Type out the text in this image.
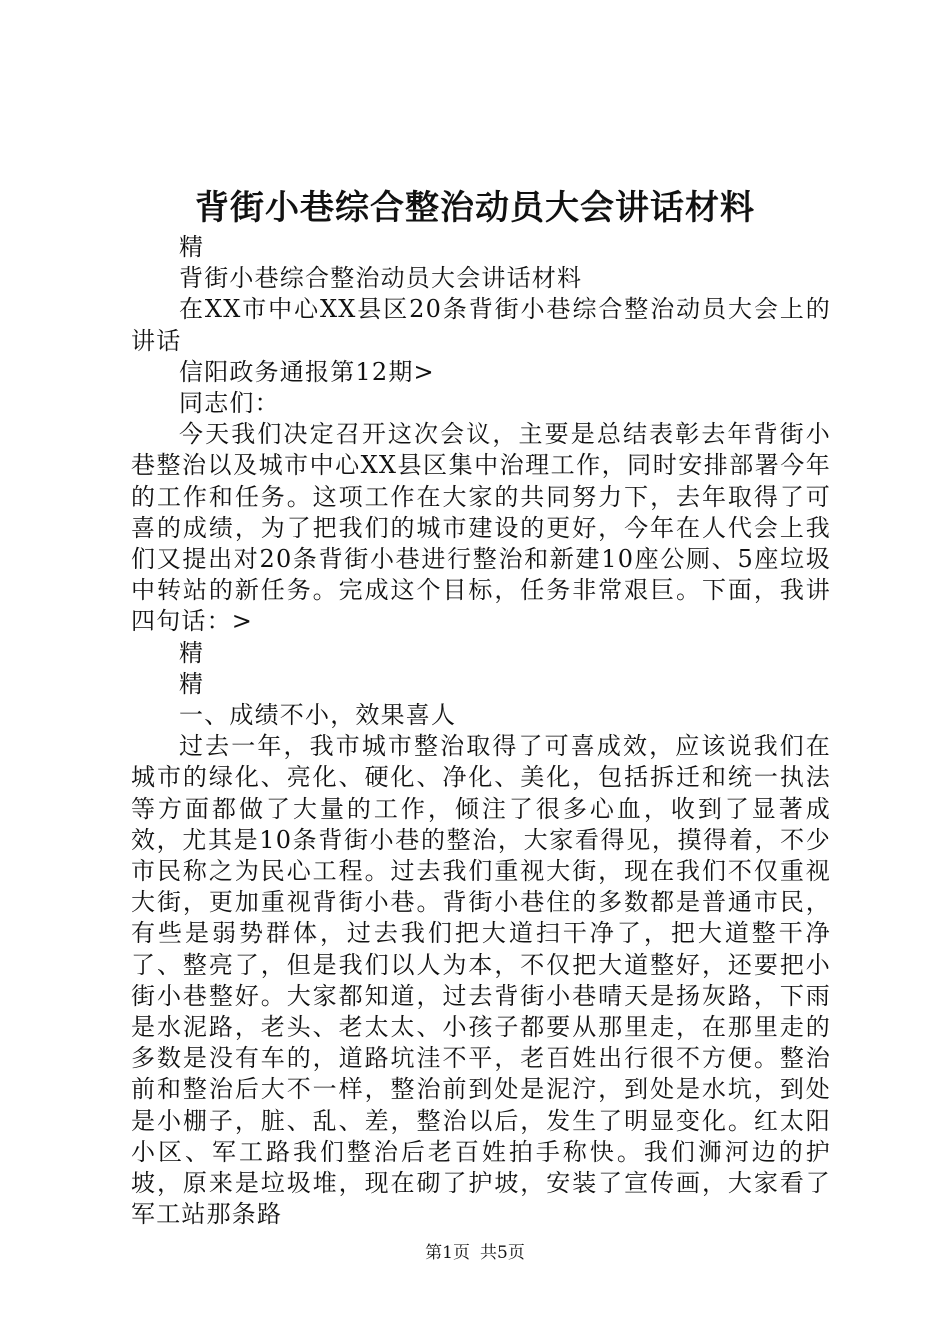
背街小巷综合整治动员大会讲话材料

精

背街小巷综合整治动员大会讲话材料

在XX市中心XX县区20条背街小巷综合整治动员大会上的讲话

信阳政务通报第12期>

同志们：

今天我们决定召开这次会议，主要是总结表彰去年背街小巷整治以及城市中心XX县区集中治理工作，同时安排部署今年的工作和任务。这项工作在大家的共同努力下，去年取得了可喜的成绩，为了把我们的城市建设的更好，今年在人代会上我们又提出对20条背街小巷进行整治和新建10座公厕、5座垃圾中转站的新任务。完成这个目标，任务非常艰巨。下面，我讲四句话：>

精

精

一、成绩不小，效果喜人

过去一年，我市城市整治取得了可喜成效，应该说我们在城市的绿化、亮化、硬化、净化、美化，包括拆迁和统一执法等方面都做了大量的工作，倾注了很多心血，收到了显著成效，尤其是10条背街小巷的整治，大家看得见，摸得着，不少市民称之为民心工程。过去我们重视大街，现在我们不仅重视大街，更加重视背街小巷。背街小巷住的多数都是普通市民，有些是弱势群体，过去我们把大道扫干净了，把大道整干净了、整亮了，但是我们以人为本，不仅把大道整好，还要把小街小巷整好。大家都知道，过去背街小巷晴天是扬灰路，下雨是水泥路，老头、老太太、小孩子都要从那里走，在那里走的多数是没有车的，道路坑洼不平，老百姓出行很不方便。整治前和整治后大不一样，整治前到处是泥泞，到处是水坑，到处是小棚子，脏、乱、差，整治以后，发生了明显变化。红太阳小区、军工路我们整治后老百姓拍手称快。我们浉河边的护坡，原来是垃圾堆，现在砌了护坡，安装了宣传画，大家看了军工站那条路

第1页 共5页
